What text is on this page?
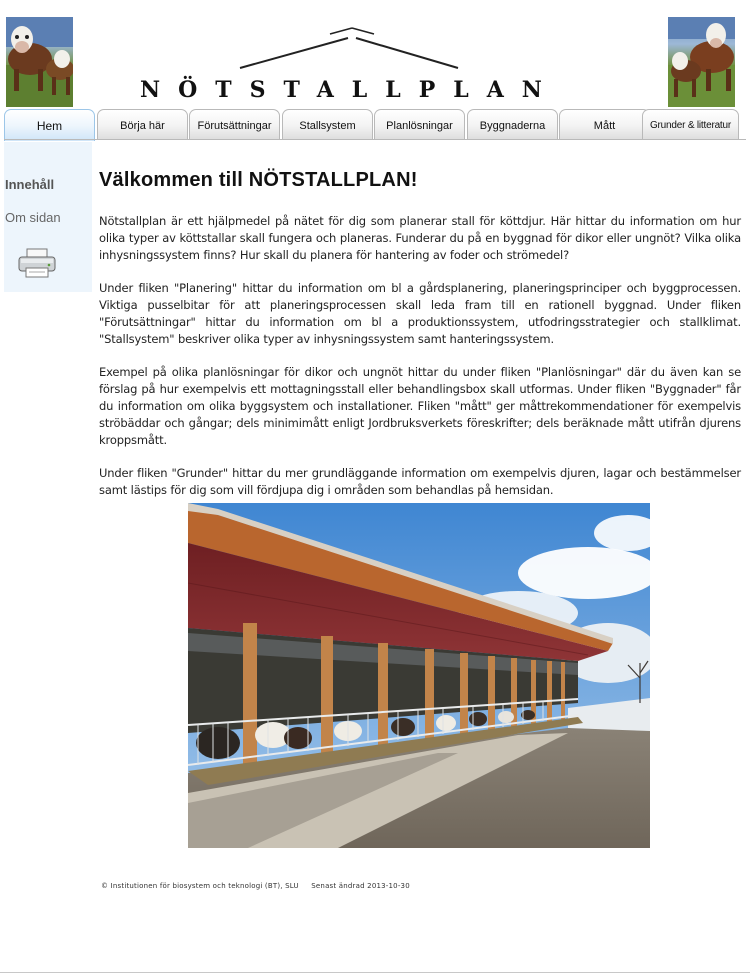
NÖTSTALLPLAN
Hem	Börja här	Förutsättningar	Stallsystem	Planlösningar	Byggnaderna	Mått	Grunder & litteratur
Innehåll
Om sidan
Välkommen till NÖTSTALLPLAN!

Nötstallplan är ett hjälpmedel på nätet för dig som planerar stall för köttdjur. Här hittar du information om hur olika typer av köttstallar skall fungera och planeras. Funderar du på en byggnad för dikor eller ungnöt? Vilka olika inhysningssystem finns? Hur skall du planera för hantering av foder och strömedel?

Under fliken "Planering" hittar du information om bl a gårdsplanering, planeringsprinciper och byggprocessen. Viktiga pusselbitar för att planeringsprocessen skall leda fram till en rationell byggnad. Under fliken "Förutsättningar" hittar du information om bl a produktionssystem, utfodringsstrategier och stallklimat. "Stallsystem" beskriver olika typer av inhysningssystem samt hanteringssystem.

Exempel på olika planlösningar för dikor och ungnöt hittar du under fliken "Planlösningar" där du även kan se förslag på hur exempelvis ett mottagningsstall eller behandlingsbox skall utformas. Under fliken "Byggnader" får du information om olika byggsystem och installationer. Fliken "mått" ger måttrekommendationer för exempelvis ströbäddar och gångar; dels minimimått enligt Jordbruksverkets föreskrifter; dels beräknade mått utifrån djurens kroppsmått.

Under fliken "Grunder" hittar du mer grundläggande information om exempelvis djuren, lagar och bestämmelser samt lästips för dig som vill fördjupa dig i områden som behandlas på hemsidan.

© Institutionen för biosystem och teknologi (BT), SLU Senast ändrad 2013-10-30
